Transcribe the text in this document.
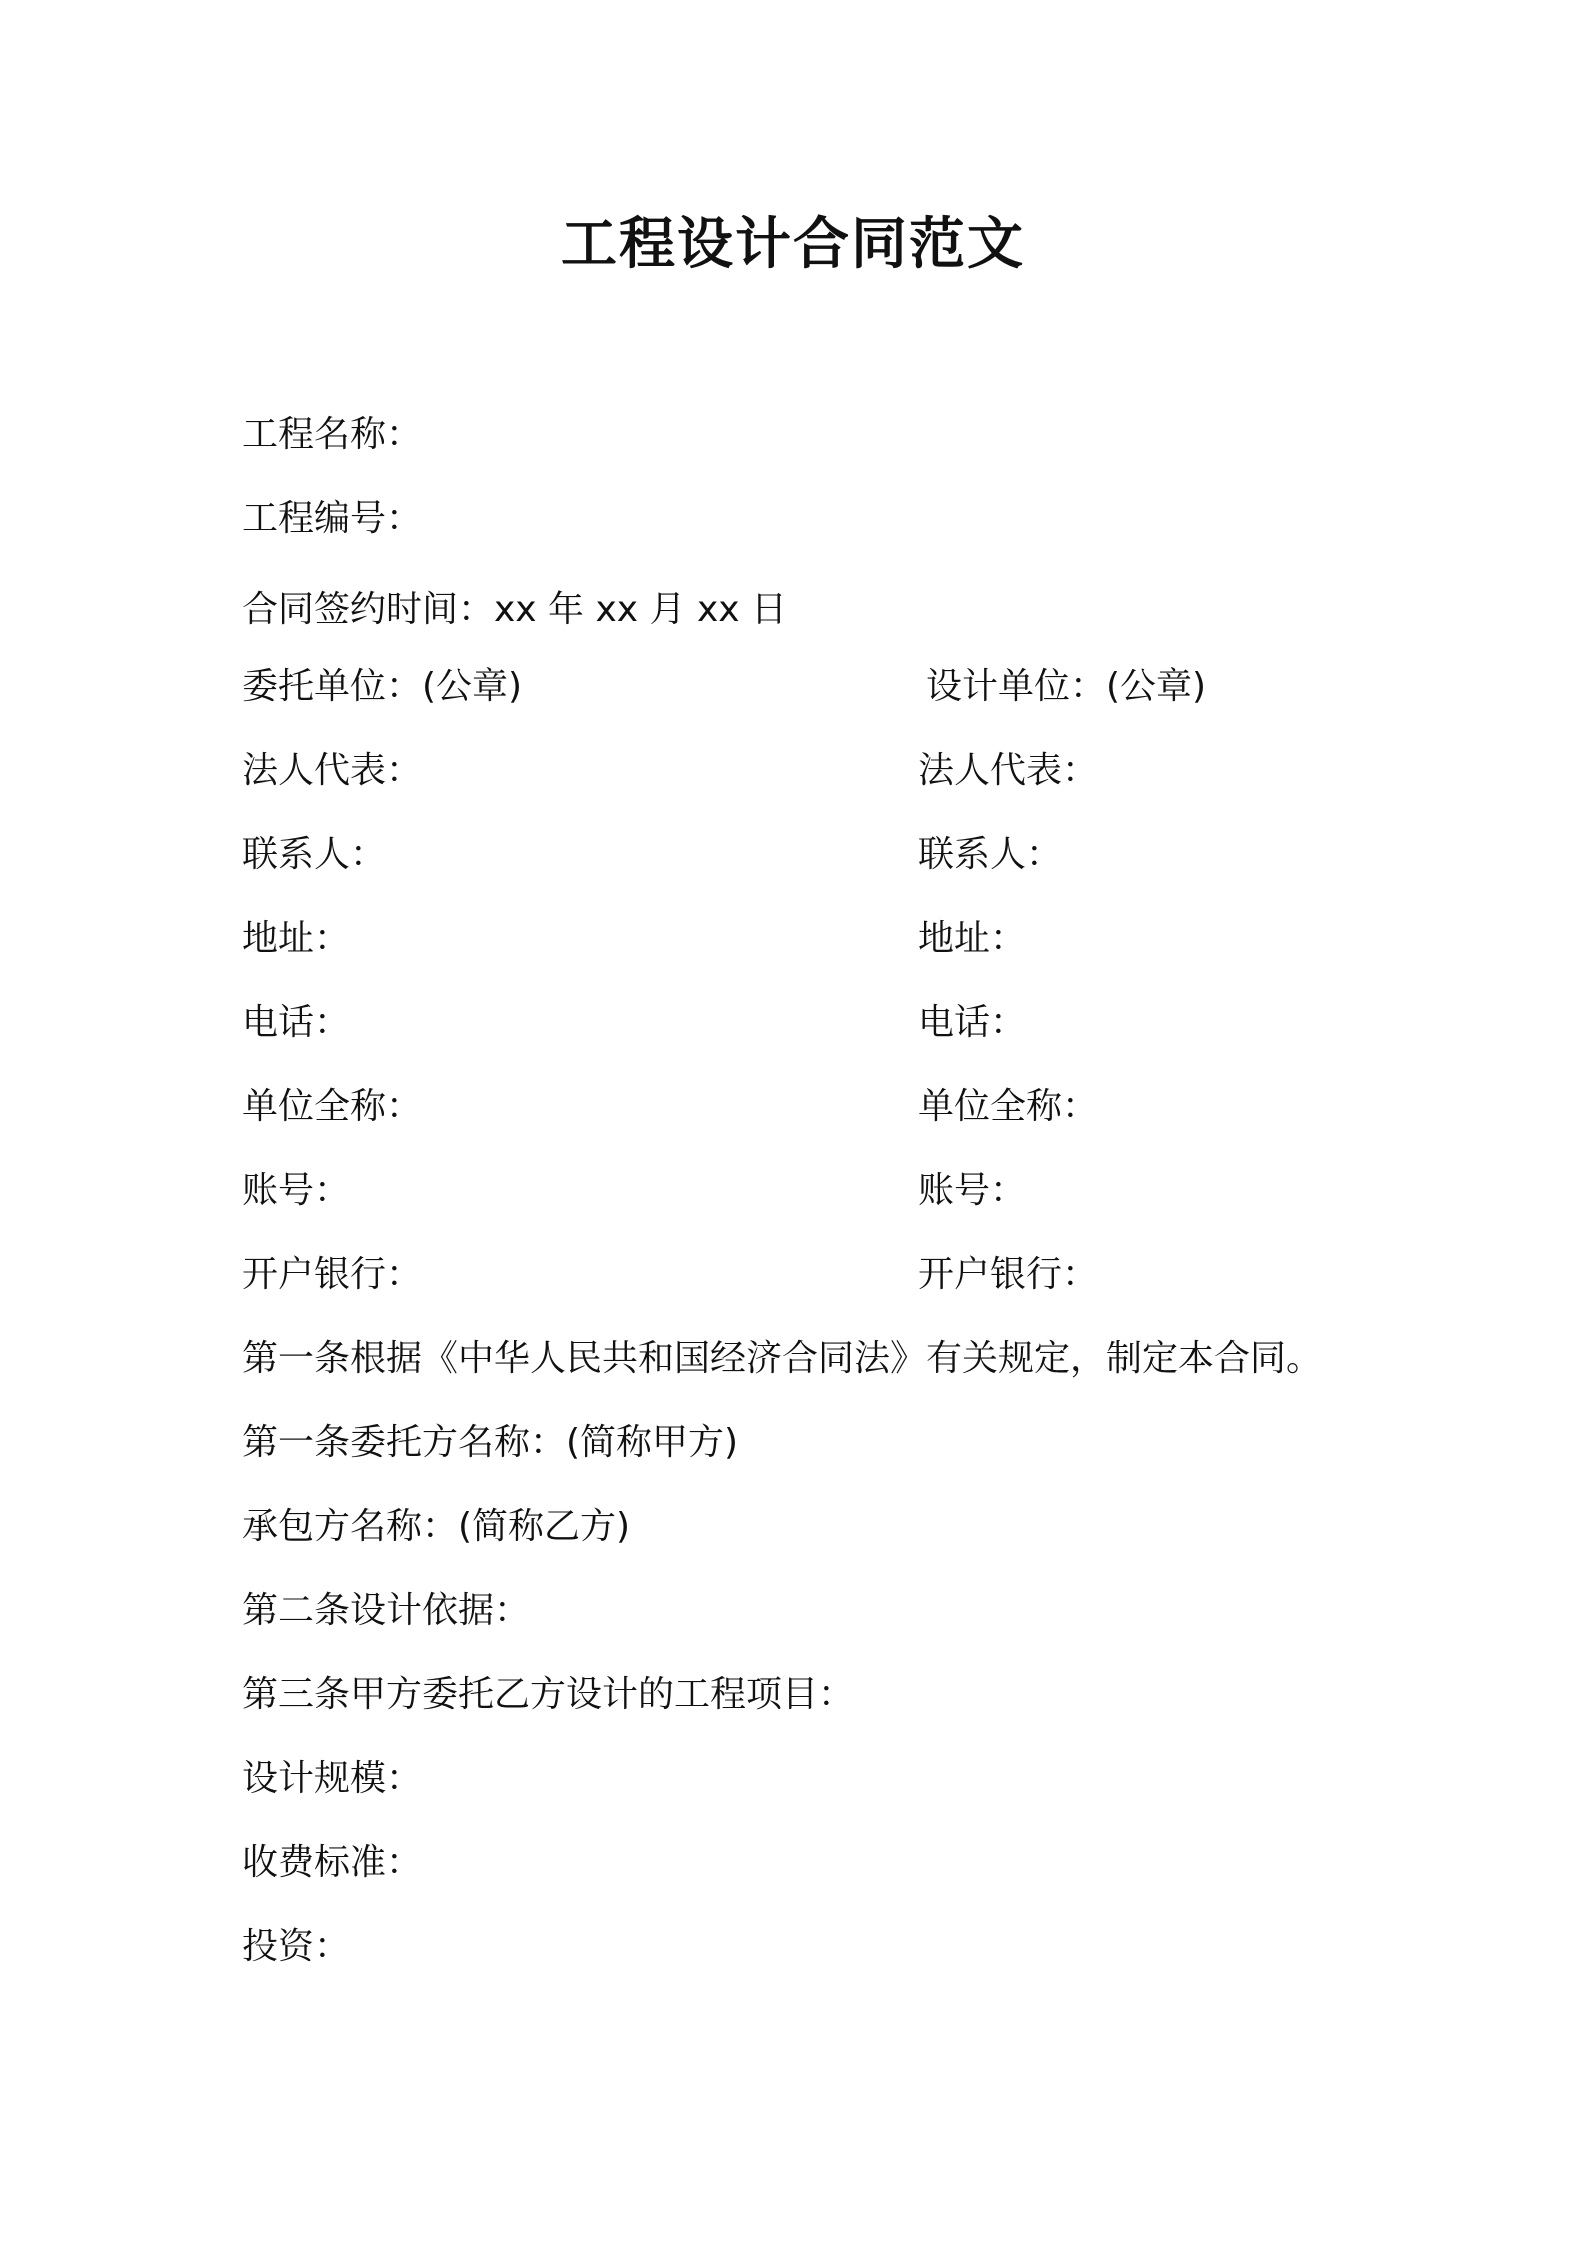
工程设计合同范文
工程名称：
工程编号：
合同签约时间：xx 年 xx 月 xx 日
委托单位：(公章)	设计单位：(公章)
法人代表：	法人代表：
联系人：	联系人：
地址：	地址：
电话：	电话：
单位全称：	单位全称：
账号：	账号：
开户银行：	开户银行：
第一条根据《中华人民共和国经济合同法》有关规定，制定本合同。
第一条委托方名称：(简称甲方)
承包方名称：(简称乙方)
第二条设计依据：
第三条甲方委托乙方设计的工程项目：
设计规模：
收费标准：
投资：
